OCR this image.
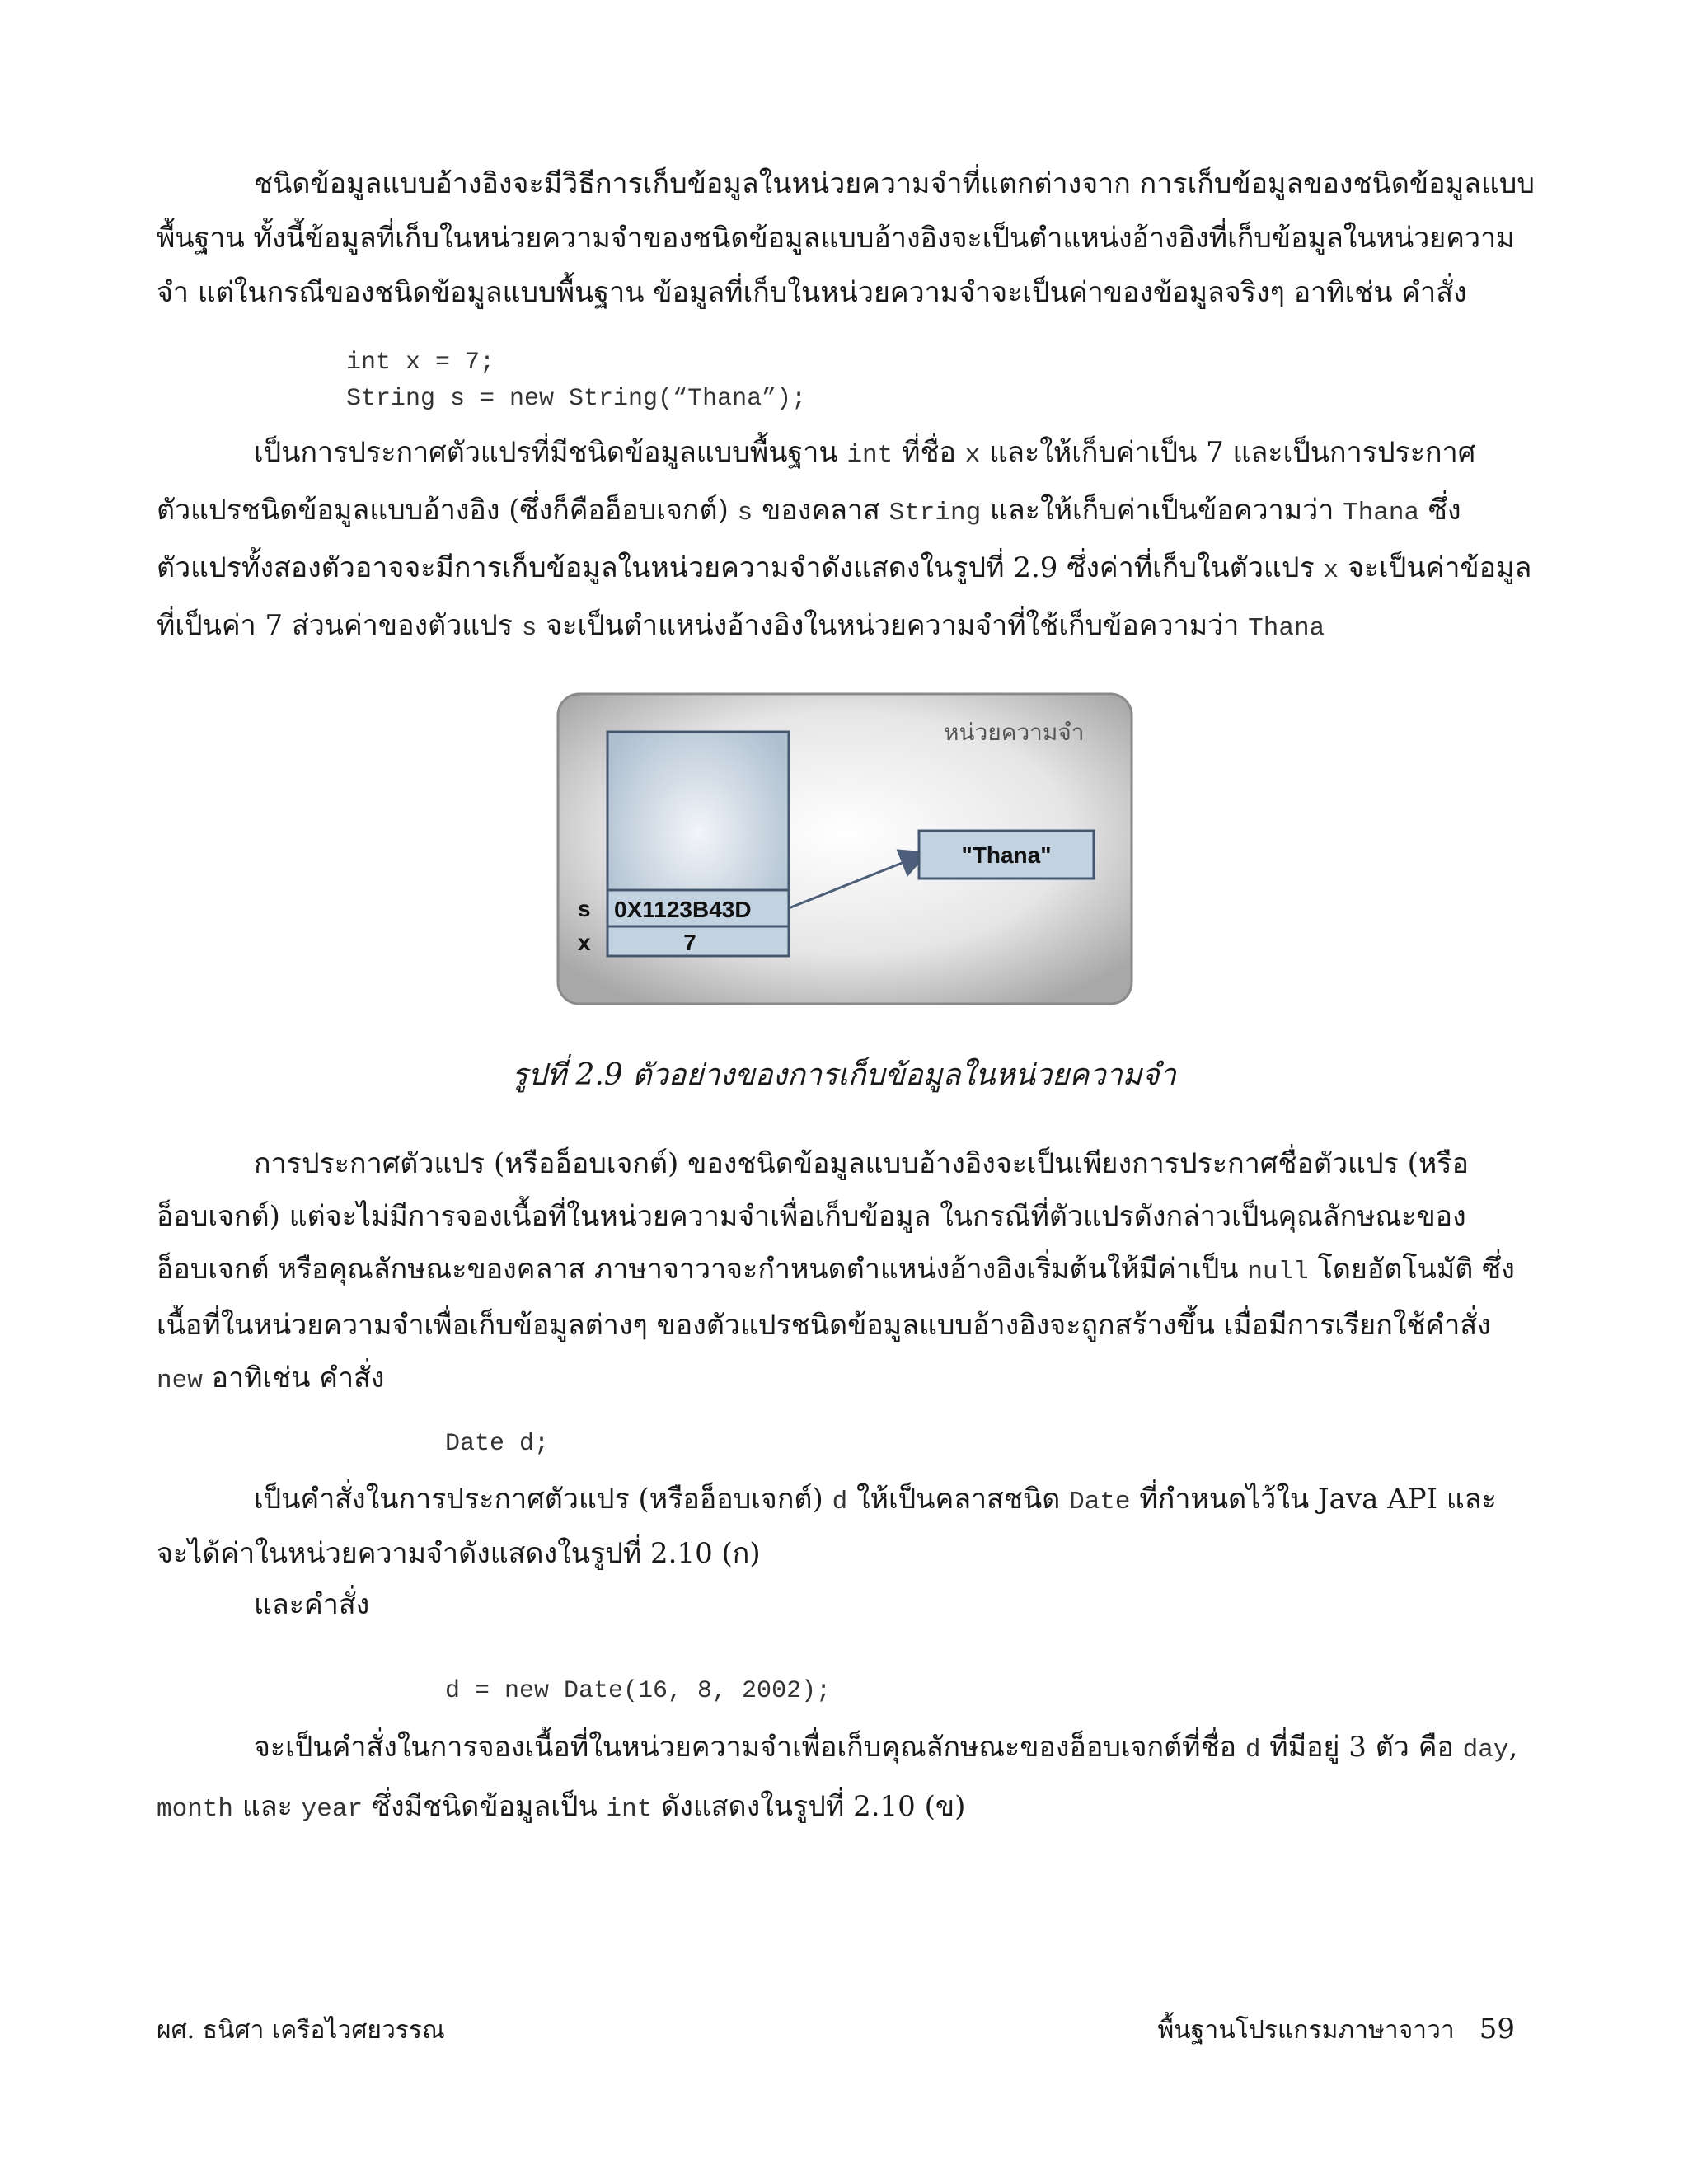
ชนิดข้อมูลแบบอ้างอิงจะมีวิธีการเก็บข้อมูลในหน่วยความจำที่แตกต่างจาก การเก็บข้อมูลของชนิดข้อมูลแบบ
พื้นฐาน ทั้งนี้ข้อมูลที่เก็บในหน่วยความจำของชนิดข้อมูลแบบอ้างอิงจะเป็นตำแหน่งอ้างอิงที่เก็บข้อมูลในหน่วยความ
จำ แต่ในกรณีของชนิดข้อมูลแบบพื้นฐาน ข้อมูลที่เก็บในหน่วยความจำจะเป็นค่าของข้อมูลจริงๆ อาทิเช่น คำสั่ง
int x = 7;
String s = new String(“Thana”);
เป็นการประกาศตัวแปรที่มีชนิดข้อมูลแบบพื้นฐาน int ที่ชื่อ x และให้เก็บค่าเป็น 7 และเป็นการประกาศ
ตัวแปรชนิดข้อมูลแบบอ้างอิง (ซึ่งก็คืออ็อบเจกต์) s ของคลาส String และให้เก็บค่าเป็นข้อความว่า Thana ซึ่ง
ตัวแปรทั้งสองตัวอาจจะมีการเก็บข้อมูลในหน่วยความจำดังแสดงในรูปที่ 2.9 ซึ่งค่าที่เก็บในตัวแปร x จะเป็นค่าข้อมูล
ที่เป็นค่า 7 ส่วนค่าของตัวแปร s จะเป็นตำแหน่งอ้างอิงในหน่วยความจำที่ใช้เก็บข้อความว่า Thana
หน่วยความจำ
s 0X1123B43D
x	7
"Thana"
รูปที่ 2.9 ตัวอย่างของการเก็บข้อมูลในหน่วยความจำ
การประกาศตัวแปร (หรืออ็อบเจกต์) ของชนิดข้อมูลแบบอ้างอิงจะเป็นเพียงการประกาศชื่อตัวแปร (หรือ
อ็อบเจกต์) แต่จะไม่มีการจองเนื้อที่ในหน่วยความจำเพื่อเก็บข้อมูล ในกรณีที่ตัวแปรดังกล่าวเป็นคุณลักษณะของ
อ็อบเจกต์ หรือคุณลักษณะของคลาส ภาษาจาวาจะกำหนดตำแหน่งอ้างอิงเริ่มต้นให้มีค่าเป็น null โดยอัตโนมัติ ซึ่ง
เนื้อที่ในหน่วยความจำเพื่อเก็บข้อมูลต่างๆ ของตัวแปรชนิดข้อมูลแบบอ้างอิงจะถูกสร้างขึ้น เมื่อมีการเรียกใช้คำสั่ง
new อาทิเช่น คำสั่ง
Date d;
เป็นคำสั่งในการประกาศตัวแปร (หรืออ็อบเจกต์) d ให้เป็นคลาสชนิด Date ที่กำหนดไว้ใน Java API และ
จะได้ค่าในหน่วยความจำดังแสดงในรูปที่ 2.10 (ก)
และคำสั่ง
d = new Date(16, 8, 2002);
จะเป็นคำสั่งในการจองเนื้อที่ในหน่วยความจำเพื่อเก็บคุณลักษณะของอ็อบเจกต์ที่ชื่อ d ที่มีอยู่ 3 ตัว คือ day,
month และ year ซึ่งมีชนิดข้อมูลเป็น int ดังแสดงในรูปที่ 2.10 (ข)
ผศ. ธนิศา เครือไวศยวรรณ	พื้นฐานโปรแกรมภาษาจาวา 59
